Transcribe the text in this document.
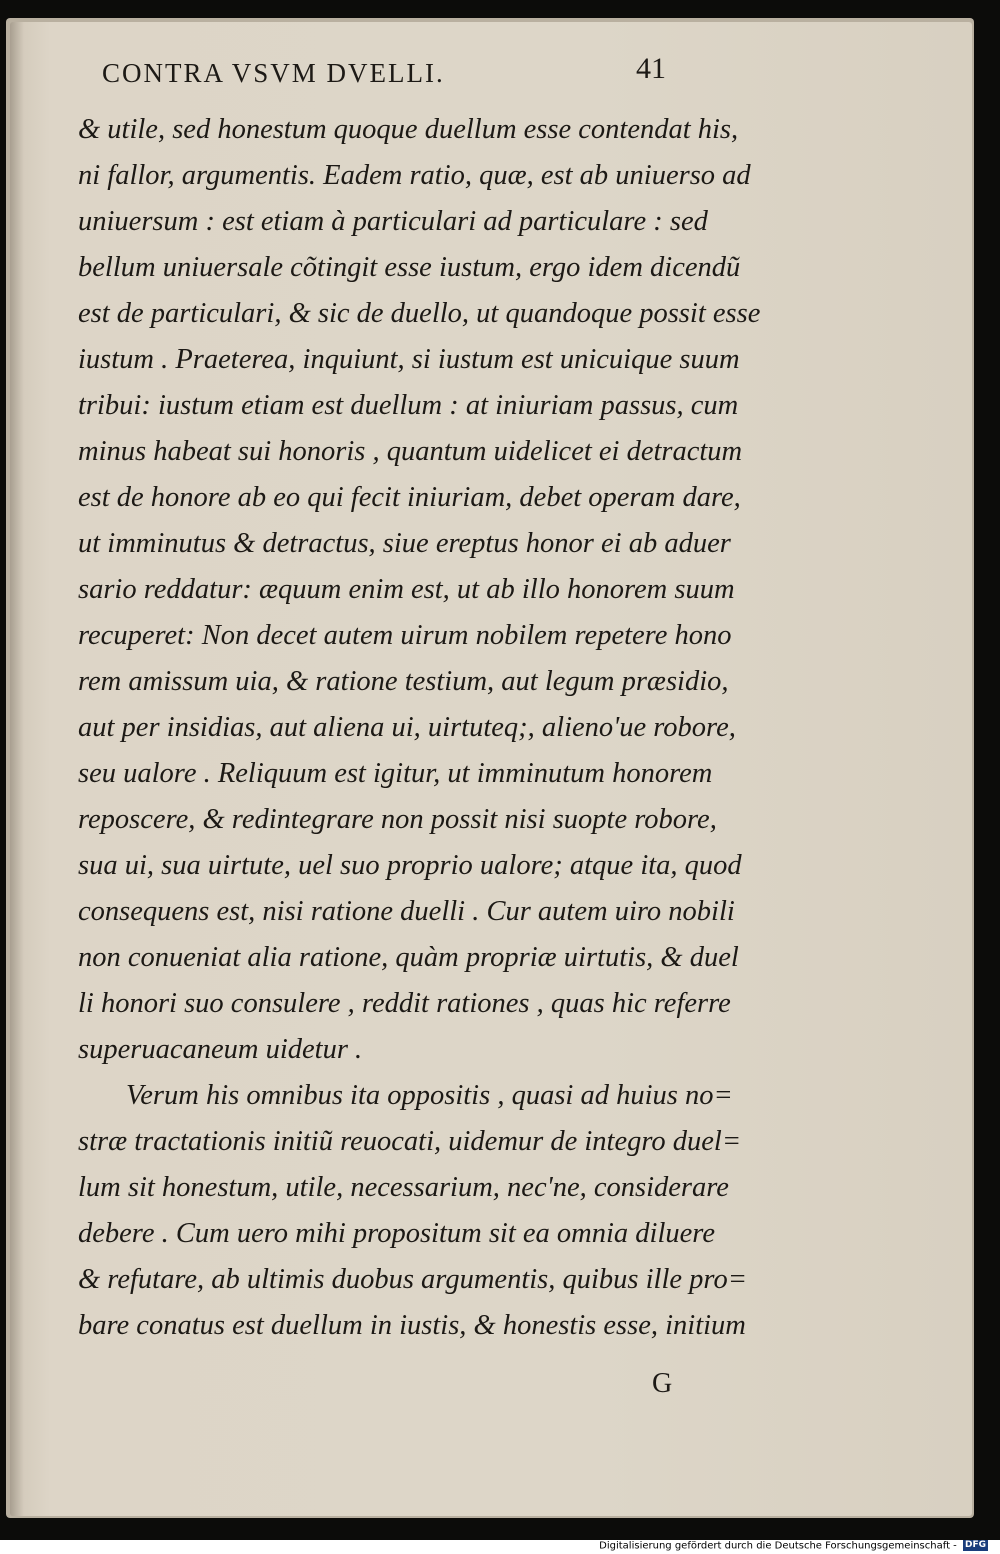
CONTRA VSVM DVELLI.	41
& utile, sed honestum quoque duellum esse contendat his,
ni fallor, argumentis. Eadem ratio, quæ, est ab uniuerso ad
uniuersum : est etiam à particulari ad particulare : sed
bellum uniuersale cõtingit esse iustum, ergo idem dicendũ
est de particulari, & sic de duello, ut quandoque possit esse
iustum . Praeterea, inquiunt, si iustum est unicuique suum
tribui: iustum etiam est duellum : at iniuriam passus, cum
minus habeat sui honoris , quantum uidelicet ei detractum
est de honore ab eo qui fecit iniuriam, debet operam dare,
ut imminutus & detractus, siue ereptus honor ei ab aduer
sario reddatur: æquum enim est, ut ab illo honorem suum
recuperet: Non decet autem uirum nobilem repetere hono
rem amissum uia, & ratione testium, aut legum præsidio,
aut per insidias, aut aliena ui, uirtuteq;, alieno'ue robore,
seu ualore . Reliquum est igitur, ut imminutum honorem
reposcere, & redintegrare non possit nisi suopte robore,
sua ui, sua uirtute, uel suo proprio ualore; atque ita, quod
consequens est, nisi ratione duelli . Cur autem uiro nobili
non conueniat alia ratione, quàm propriæ uirtutis, & duel
li honori suo consulere , reddit rationes , quas hic referre
superuacaneum uidetur .
Verum his omnibus ita oppositis , quasi ad huius no=
stræ tractationis initiũ reuocati, uidemur de integro duel=
lum sit honestum, utile, necessarium, nec'ne, considerare
debere . Cum uero mihi propositum sit ea omnia diluere
& refutare, ab ultimis duobus argumentis, quibus ille pro=
bare conatus est duellum in iustis, & honestis esse, initium
G
Digitalisierung gefördert durch die Deutsche Forschungsgemeinschaft - DFG
